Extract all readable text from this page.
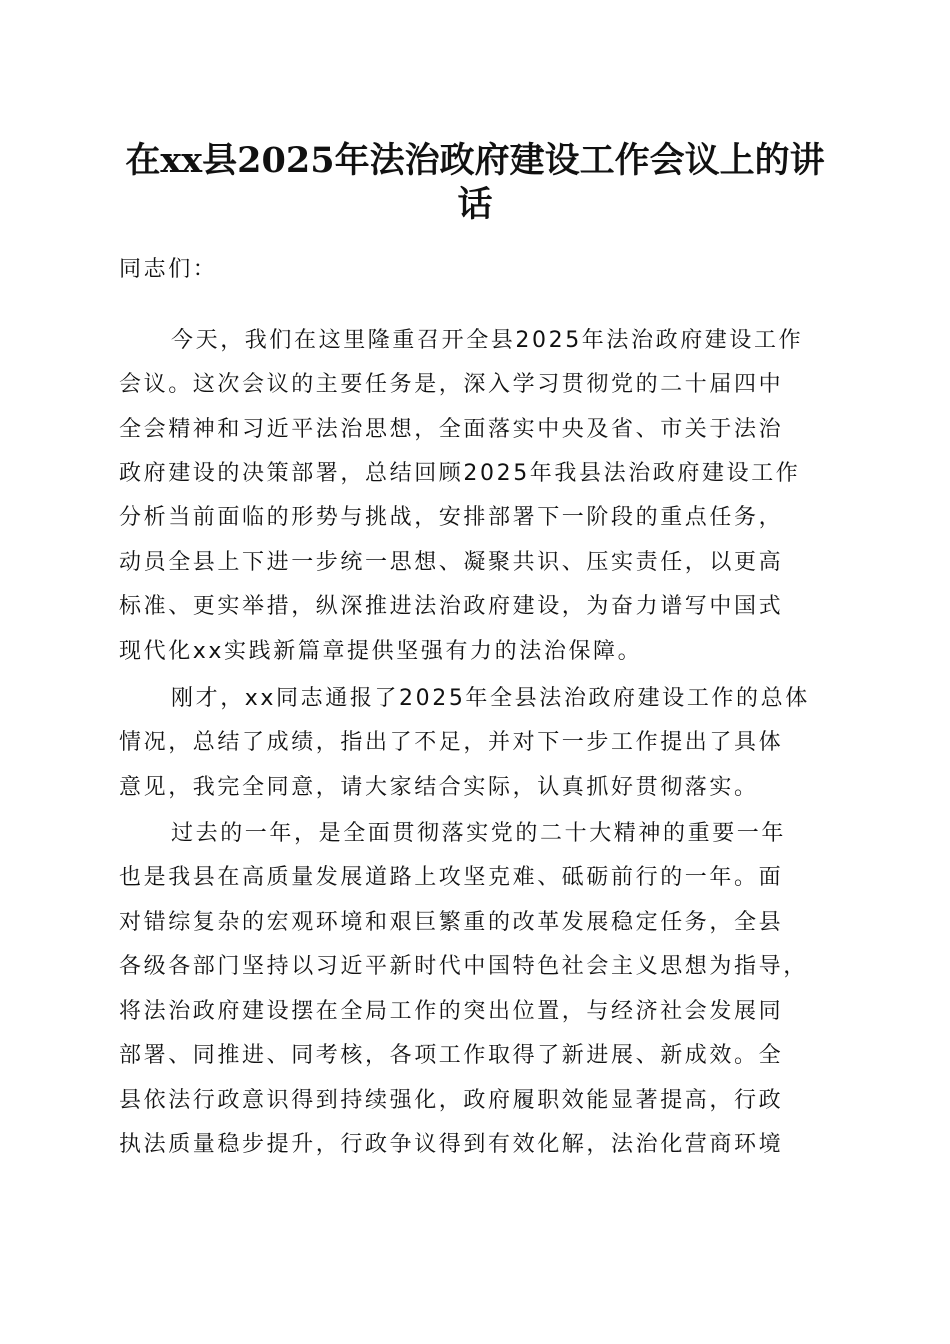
在xx县2025年法治政府建设工作会议上的讲
话

同志们：

今天，我们在这里隆重召开全县2025年法治政府建设工作

会议。这次会议的主要任务是，深入学习贯彻党的二十届四中

全会精神和习近平法治思想，全面落实中央及省、市关于法治

政府建设的决策部署，总结回顾2025年我县法治政府建设工作

分析当前面临的形势与挑战，安排部署下一阶段的重点任务，

动员全县上下进一步统一思想、凝聚共识、压实责任，以更高

标准、更实举措，纵深推进法治政府建设，为奋力谱写中国式

现代化xx实践新篇章提供坚强有力的法治保障。

刚才，xx同志通报了2025年全县法治政府建设工作的总体

情况，总结了成绩，指出了不足，并对下一步工作提出了具体

意见，我完全同意，请大家结合实际，认真抓好贯彻落实。

过去的一年，是全面贯彻落实党的二十大精神的重要一年

也是我县在高质量发展道路上攻坚克难、砥砺前行的一年。面

对错综复杂的宏观环境和艰巨繁重的改革发展稳定任务，全县

各级各部门坚持以习近平新时代中国特色社会主义思想为指导，

将法治政府建设摆在全局工作的突出位置，与经济社会发展同

部署、同推进、同考核，各项工作取得了新进展、新成效。全

县依法行政意识得到持续强化，政府履职效能显著提高，行政

执法质量稳步提升，行政争议得到有效化解，法治化营商环境
